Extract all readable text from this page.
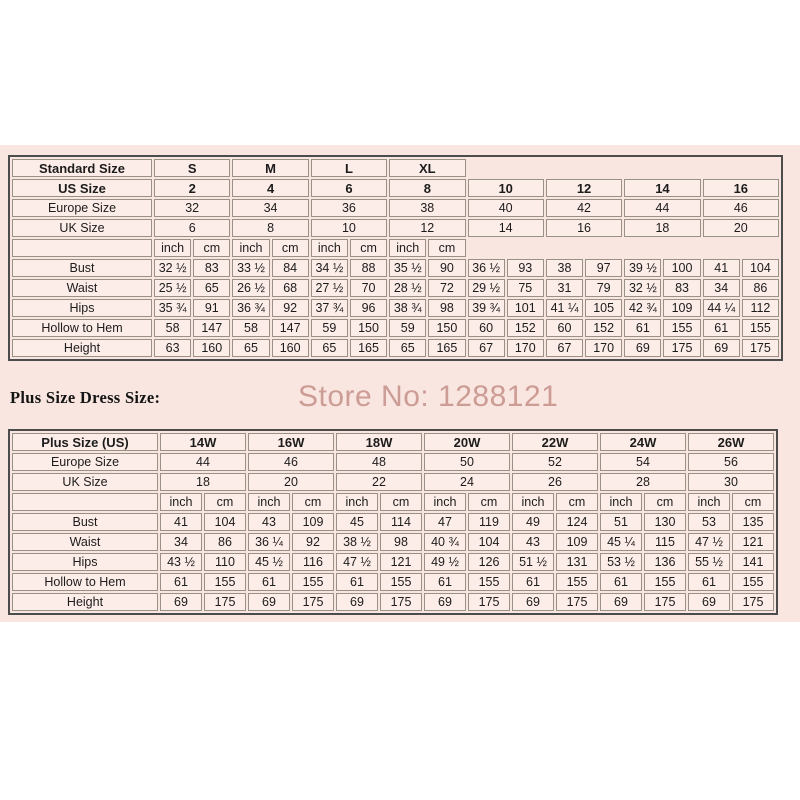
Standard Size	S		M		L		XL									
US Size	2		4		6		8		10		12		14		16	
Europe Size	32		34		36		38		40		42		44		46	
UK Size	6		8		10		12		14		16		18		20	
	inch	cm	inch	cm	inch	cm	inch	cm								
Bust	32 ½	83	33 ½	84	34 ½	88	35 ½	90	36 ½	93	38	97	39 ½	100	41	104
Waist	25 ½	65	26 ½	68	27 ½	70	28 ½	72	29 ½	75	31	79	32 ½	83	34	86
Hips	35 ¾	91	36 ¾	92	37 ¾	96	38 ¾	98	39 ¾	101	41 ¼	105	42 ¾	109	44 ¼	112
Hollow to Hem	58	147	58	147	59	150	59	150	60	152	60	152	61	155	61	155
Height	63	160	65	160	65	165	65	165	67	170	67	170	69	175	69	175
Plus Size Dress Size:	Store No: 1288121
Plus Size (US)	14W		16W		18W		20W		22W		24W		26W	
Europe Size	44		46		48		50		52		54		56	
UK Size	18		20		22		24		26		28		30	
	inch	cm	inch	cm	inch	cm	inch	cm	inch	cm	inch	cm	inch	cm
Bust	41	104	43	109	45	114	47	119	49	124	51	130	53	135
Waist	34	86	36 ¼	92	38 ½	98	40 ¾	104	43	109	45 ¼	115	47 ½	121
Hips	43 ½	110	45 ½	116	47 ½	121	49 ½	126	51 ½	131	53 ½	136	55 ½	141
Hollow to Hem	61	155	61	155	61	155	61	155	61	155	61	155	61	155
Height	69	175	69	175	69	175	69	175	69	175	69	175	69	175
